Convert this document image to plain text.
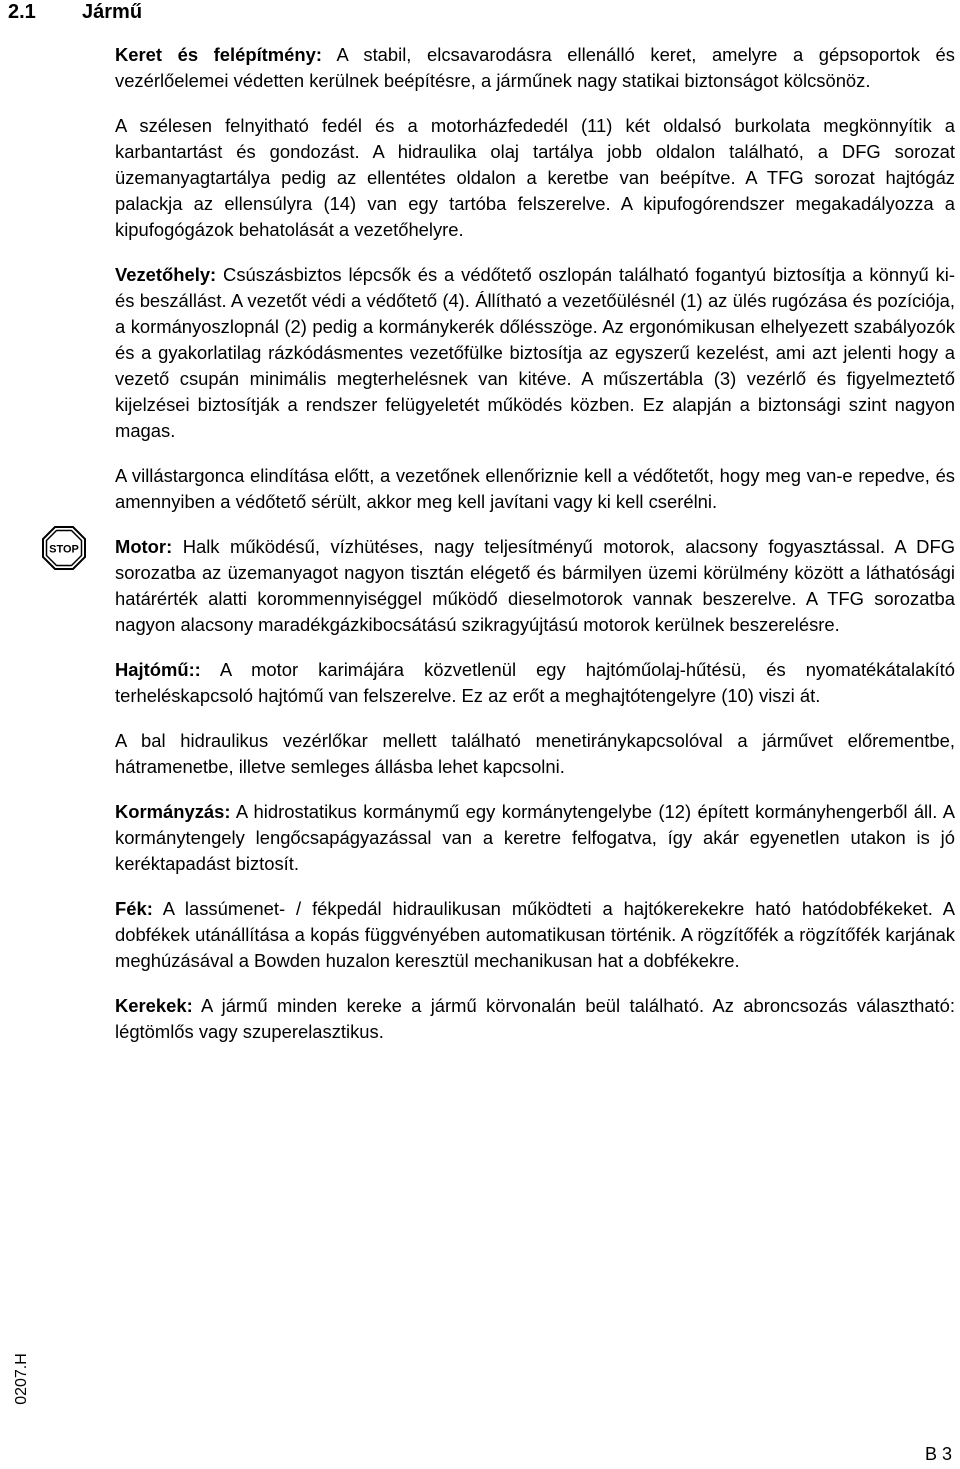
2.1 Jármű
STOP

Keret és felépítmény: A stabil, elcsavarodásra ellenálló keret, amelyre a gépsoportok és vezérlőelemei védetten kerülnek beépítésre, a járműnek nagy statikai biztonságot kölcsönöz.

A szélesen felnyitható fedél és a motorházfededél (11) két oldalsó burkolata megkönnyítik a karbantartást és gondozást. A hidraulika olaj tartálya jobb oldalon található, a DFG sorozat üzemanyagtartálya pedig az ellentétes oldalon a keretbe van beépítve. A TFG sorozat hajtógáz palackja az ellensúlyra (14) van egy tartóba felszerelve. A kipufogórendszer megakadályozza a kipufogógázok behatolását a vezetőhelyre.

Vezetőhely: Csúszásbiztos lépcsők és a védőtető oszlopán található fogantyú biztosítja a könnyű ki- és beszállást. A vezetőt védi a védőtető (4). Állítható a vezetőülésnél (1) az ülés rugózása és pozíciója, a kormányoszlopnál (2) pedig a kormánykerék dőlésszöge. Az ergonómikusan elhelyezett szabályozók és a gyakorlatilag rázkódásmentes vezetőfülke biztosítja az egyszerű kezelést, ami azt jelenti hogy a vezető csupán minimális megterhelésnek van kitéve. A műszertábla (3) vezérlő és figyelmeztető kijelzései biztosítják a rendszer felügyeletét működés közben. Ez alapján a biztonsági szint nagyon magas.

A villástargonca elindítása előtt, a vezetőnek ellenőriznie kell a védőtetőt, hogy meg van-e repedve, és amennyiben a védőtető sérült, akkor meg kell javítani vagy ki kell cserélni.

Motor: Halk működésű, vízhütéses, nagy teljesítményű motorok, alacsony fogyasztással. A DFG sorozatba az üzemanyagot nagyon tisztán elégető és bármilyen üzemi körülmény között a láthatósági határérték alatti korommennyiséggel működő dieselmotorok vannak beszerelve. A TFG sorozatba nagyon alacsony maradékgázkibocsátású szikragyújtású motorok kerülnek beszerelésre.

Hajtómű:: A motor karimájára közvetlenül egy hajtóműolaj-hűtésü, és nyomatékátalakító terheléskapcsoló hajtómű van felszerelve. Ez az erőt a meghajtótengelyre (10) viszi át.

A bal hidraulikus vezérlőkar mellett található menetiránykapcsolóval a járművet előrementbe, hátramenetbe, illetve semleges állásba lehet kapcsolni.

Kormányzás: A hidrostatikus kormánymű egy kormánytengelybe (12) épített kormányhengerből áll. A kormánytengely lengőcsapágyazással van a keretre felfogatva, így akár egyenetlen utakon is jó keréktapadást biztosít.

Fék: A lassúmenet- / fékpedál hidraulikusan működteti a hajtókerekekre ható hatódobfékeket. A dobfékek utánállítása a kopás függvényében automatikusan történik. A rögzítőfék a rögzítőfék karjának meghúzásával a Bowden huzalon keresztül mechanikusan hat a dobfékekre.

Kerekek: A jármű minden kereke a jármű körvonalán beül található. Az abroncsozás választható: légtömlős vagy szuperelasztikus.

0207.H
B 3
